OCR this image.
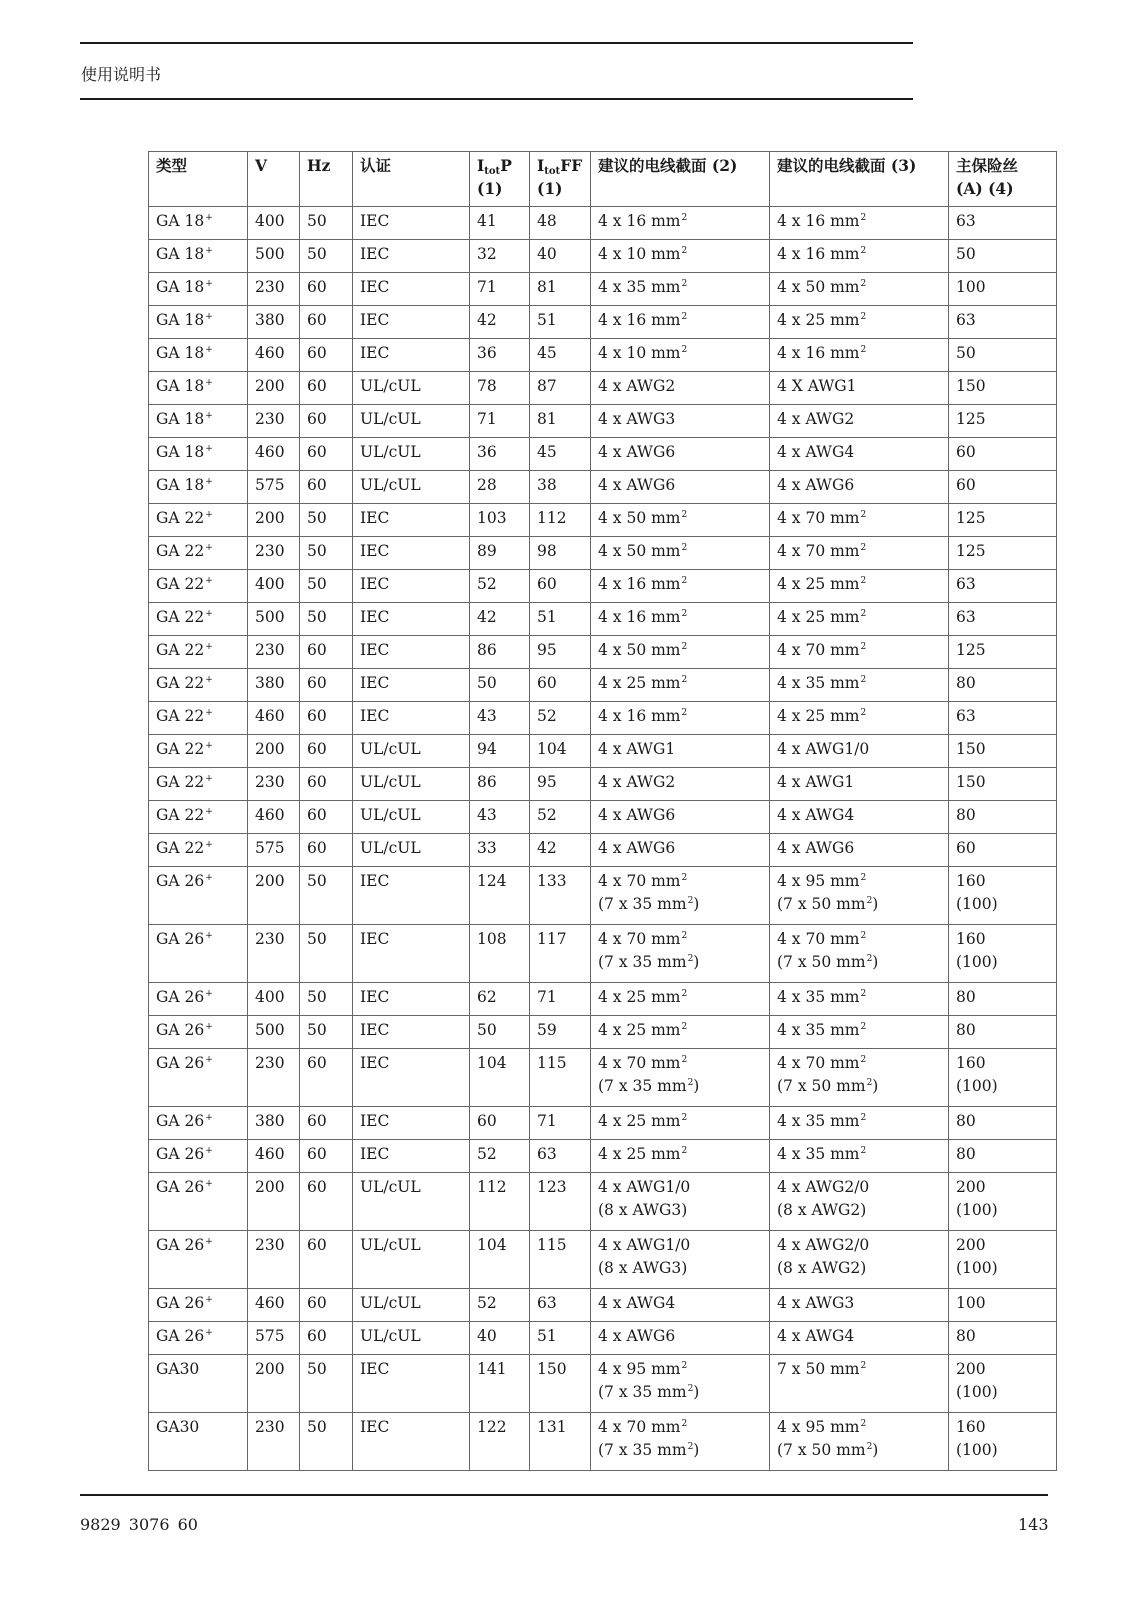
使用说明书
类型	V	Hz	认证	$I_{tot}P$
(1)	$I_{tot}FF$
(1)	建议的电线截面 (2)	建议的电线截面 (3)	主保险丝
(A) (4)

GA 18+	400	50	IEC	41	48	4 x 16 $mm^2$	4 x 16 $mm^2$	63

GA 18+	500	50	IEC	32	40	4 x 10 $mm^2$	4 x 16 $mm^2$	50

GA 18+	230	60	IEC	71	81	4 x 35 $mm^2$	4 x 50 $mm^2$	100

GA 18+	380	60	IEC	42	51	4 x 16 $mm^2$	4 x 25 $mm^2$	63

GA 18+	460	60	IEC	36	45	4 x 10 $mm^2$	4 x 16 $mm^2$	50

GA 18+	200	60	UL/cUL	78	87	4 x AWG2	4 X AWG1	150

GA 18+	230	60	UL/cUL	71	81	4 x AWG3	4 x AWG2	125

GA 18+	460	60	UL/cUL	36	45	4 x AWG6	4 x AWG4	60

GA 18+	575	60	UL/cUL	28	38	4 x AWG6	4 x AWG6	60

GA 22+	200	50	IEC	103	112	4 x 50 $mm^2$	4 x 70 $mm^2$	125

GA 22+	230	50	IEC	89	98	4 x 50 $mm^2$	4 x 70 $mm^2$	125

GA 22+	400	50	IEC	52	60	4 x 16 $mm^2$	4 x 25 $mm^2$	63

GA 22+	500	50	IEC	42	51	4 x 16 $mm^2$	4 x 25 $mm^2$	63

GA 22+	230	60	IEC	86	95	4 x 50 $mm^2$	4 x 70 $mm^2$	125

GA 22+	380	60	IEC	50	60	4 x 25 $mm^2$	4 x 35 $mm^2$	80

GA 22+	460	60	IEC	43	52	4 x 16 $mm^2$	4 x 25 $mm^2$	63

GA 22+	200	60	UL/cUL	94	104	4 x AWG1	4 x AWG1/0	150

GA 22+	230	60	UL/cUL	86	95	4 x AWG2	4 x AWG1	150

GA 22+	460	60	UL/cUL	43	52	4 x AWG6	4 x AWG4	80

GA 22+	575	60	UL/cUL	33	42	4 x AWG6	4 x AWG6	60

GA 26+	200	50	IEC	124	133	4 x 70 $mm^2$
(7 x 35 $mm^2$)	4 x 95 $mm^2$
(7 x 50 $mm^2$)	160
(100)

GA 26+	230	50	IEC	108	117	4 x 70 $mm^2$
(7 x 35 $mm^2$)	4 x 70 $mm^2$
(7 x 50 $mm^2$)	160
(100)

GA 26+	400	50	IEC	62	71	4 x 25 $mm^2$	4 x 35 $mm^2$	80

GA 26+	500	50	IEC	50	59	4 x 25 $mm^2$	4 x 35 $mm^2$	80

GA 26+	230	60	IEC	104	115	4 x 70 $mm^2$
(7 x 35 $mm^2$)	4 x 70 $mm^2$
(7 x 50 $mm^2$)	160
(100)

GA 26+	380	60	IEC	60	71	4 x 25 $mm^2$	4 x 35 $mm^2$	80

GA 26+	460	60	IEC	52	63	4 x 25 $mm^2$	4 x 35 $mm^2$	80

GA 26+	200	60	UL/cUL	112	123	4 x AWG1/0
(8 x AWG3)	4 x AWG2/0
(8 x AWG2)	200
(100)

GA 26+	230	60	UL/cUL	104	115	4 x AWG1/0
(8 x AWG3)	4 x AWG2/0
(8 x AWG2)	200
(100)

GA 26+	460	60	UL/cUL	52	63	4 x AWG4	4 x AWG3	100

GA 26+	575	60	UL/cUL	40	51	4 x AWG6	4 x AWG4	80

GA30	200	50	IEC	141	150	4 x 95 $mm^2$
(7 x 35 $mm^2$)	7 x 50 $mm^2$	200
(100)

GA30	230	50	IEC	122	131	4 x 70 $mm^2$
(7 x 35 $mm^2$)	4 x 95 $mm^2$
(7 x 50 $mm^2$)	160
(100)
9829 3076 60	143
